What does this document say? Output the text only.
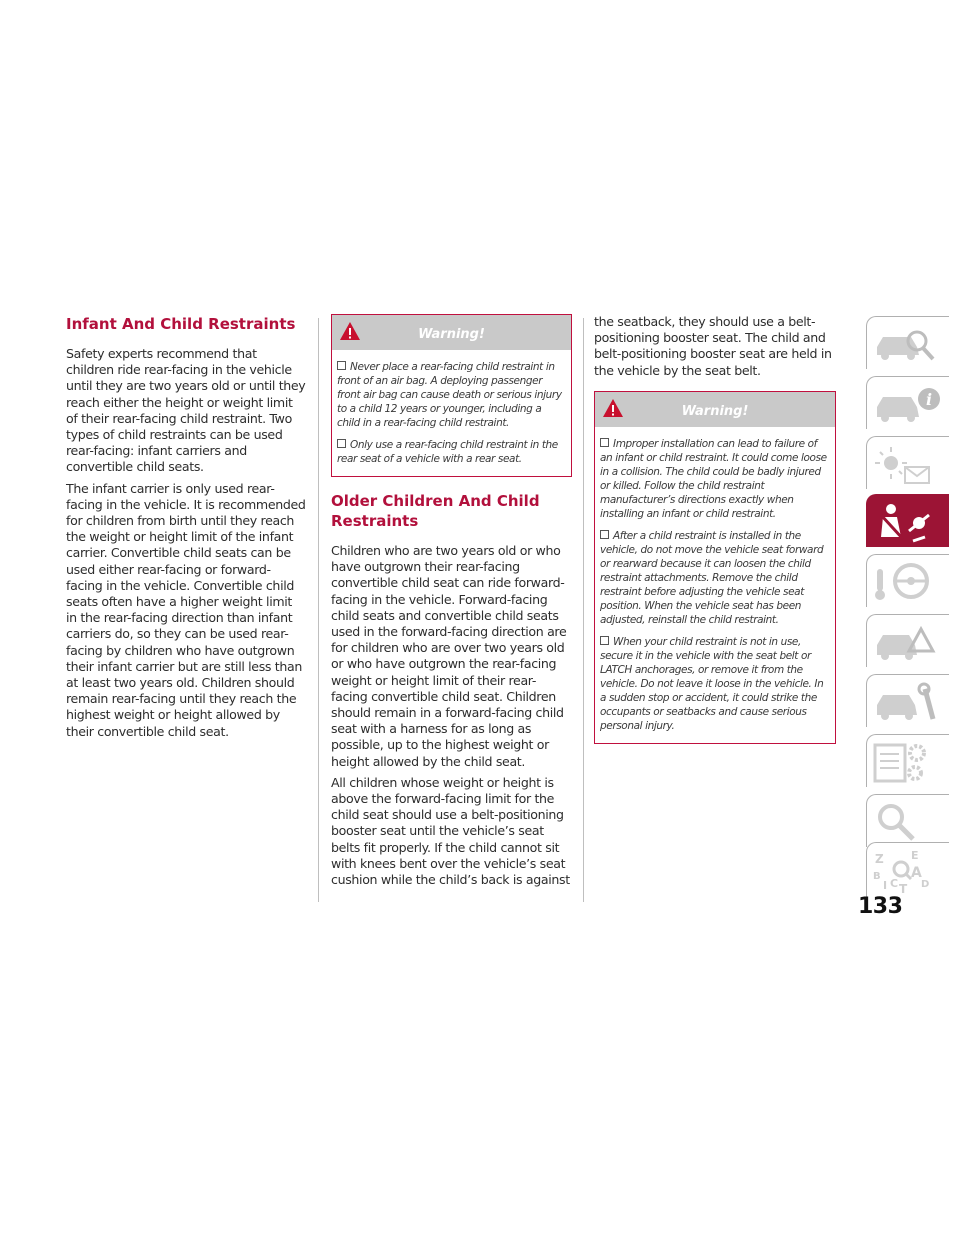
Infant And Child Restraints

Safety experts recommend that children ride rear-facing in the vehicle until they are two years old or until they reach either the height or weight limit of their rear-facing child restraint. Two types of child restraints can be used rear-facing: infant carriers and convertible child seats.

The infant carrier is only used rear-facing in the vehicle. It is recommended for children from birth until they reach the weight or height limit of the infant carrier. Convertible child seats can be used either rear-facing or forward-facing in the vehicle. Convertible child seats often have a higher weight limit in the rear-facing direction than infant carriers do, so they can be used rear-facing by children who have outgrown their infant carrier but are still less than at least two years old. Children should remain rear-facing until they reach the highest weight or height allowed by their convertible child seat.

Warning!
Never place a rear-facing child restraint in front of an air bag. A deploying passenger front air bag can cause death or serious injury to a child 12 years or younger, including a child in a rear-facing child restraint.
Only use a rear-facing child restraint in the rear seat of a vehicle with a rear seat.
Older Children And Child Restraints

Children who are two years old or who have outgrown their rear-facing convertible child seat can ride forward-facing in the vehicle. Forward-facing child seats and convertible child seats used in the forward-facing direction are for children who are over two years old or who have outgrown the rear-facing weight or height limit of their rear-facing convertible child seat. Children should remain in a forward-facing child seat with a harness for as long as possible, up to the highest weight or height allowed by the child seat.

All children whose weight or height is above the forward-facing limit for the child seat should use a belt-positioning booster seat until the vehicle’s seat belts fit properly. If the child cannot sit with knees bent over the vehicle’s seat cushion while the child’s back is against

the seatback, they should use a belt-positioning booster seat. The child and belt-positioning booster seat are held in the vehicle by the seat belt.

Warning!
Improper installation can lead to failure of an infant or child restraint. It could come loose in a collision. The child could be badly injured or killed. Follow the child restraint manufacturer’s directions exactly when installing an infant or child restraint.
After a child restraint is installed in the vehicle, do not move the vehicle seat forward or rearward because it can loosen the child restraint attachments. Remove the child restraint before adjusting the vehicle seat position. When the vehicle seat has been adjusted, reinstall the child restraint.
When your child restraint is not in use, secure it in the vehicle with the seat belt or LATCH anchorages, or remove it from the vehicle. Do not leave it loose in the vehicle. In a sudden stop or accident, it could strike the occupants or seatbacks and cause serious personal injury.
i
Z E
B A
I C T D
133
